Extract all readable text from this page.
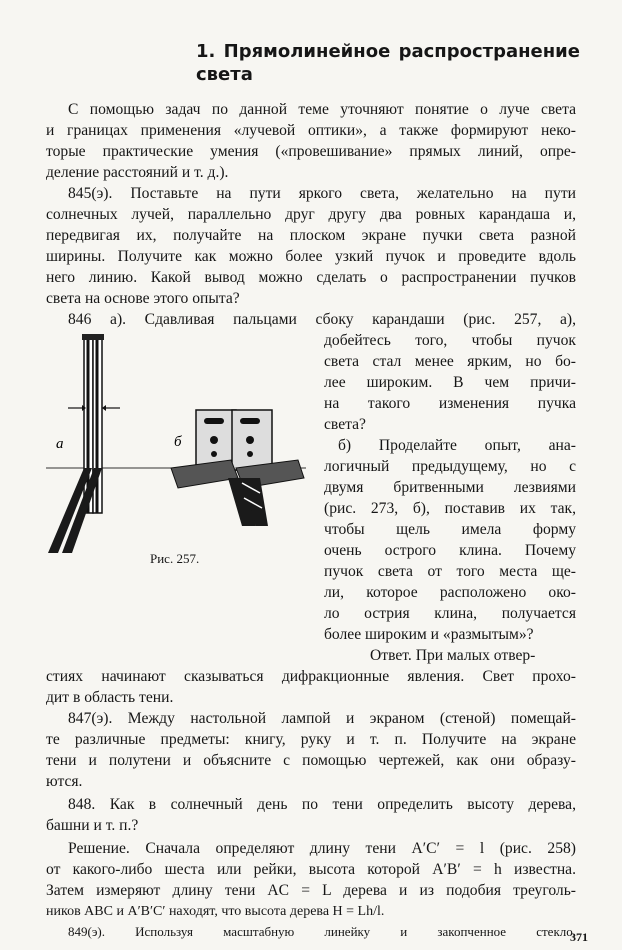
1. Прямолинейное распространение
света
С помощью задач по данной теме уточняют понятие о луче света
и границах применения «лучевой оптики», а также формируют неко-
торые практические умения («провешивание» прямых линий, опре-
деление расстояний и т. д.).
845(э). Поставьте на пути яркого света, желательно на пути
солнечных лучей, параллельно друг другу два ровных карандаша и,
передвигая их, получайте на плоском экране пучки света разной
ширины. Получите как можно более узкий пучок и проведите вдоль
него линию. Какой вывод можно сделать о распространении пучков
света на основе этого опыта?
846 а). Сдавливая пальцами сбоку карандаши (рис. 257, а),
добейтесь того, чтобы пучок
света стал менее ярким, но бо-
лее широким. В чем причи-
на такого изменения пучка
света?
б) Проделайте опыт, ана-
логичный предыдущему, но с
двумя бритвенными лезвиями
(рис. 273, б), поставив их так,
чтобы щель имела форму
очень острого клина. Почему
пучок света от того места ще-
ли, которое расположено око-
ло острия клина, получается
более широким и «размытым»?
Ответ. При малых отвер-
стиях начинают сказываться дифракционные явления. Свет прохо-
дит в область тени.
а	б
Рис. 257.
847(э). Между настольной лампой и экраном (стеной) помещай-
те различные предметы: книгу, руку и т. п. Получите на экране
тени и полутени и объясните с помощью чертежей, как они образу-
ются.
848. Как в солнечный день по тени определить высоту дерева,
башни и т. п.?
Решение. Сначала определяют длину тени A′C′ = l (рис. 258)
от какого-либо шеста или рейки, высота которой A′B′ = h известна.
Затем измеряют длину тени AC = L дерева и из подобия треуголь-
ников ABC и A′B′C′ находят, что высота дерева H = Lh/l.
849(э). Используя масштабную линейку и закопченное стекло,
371
